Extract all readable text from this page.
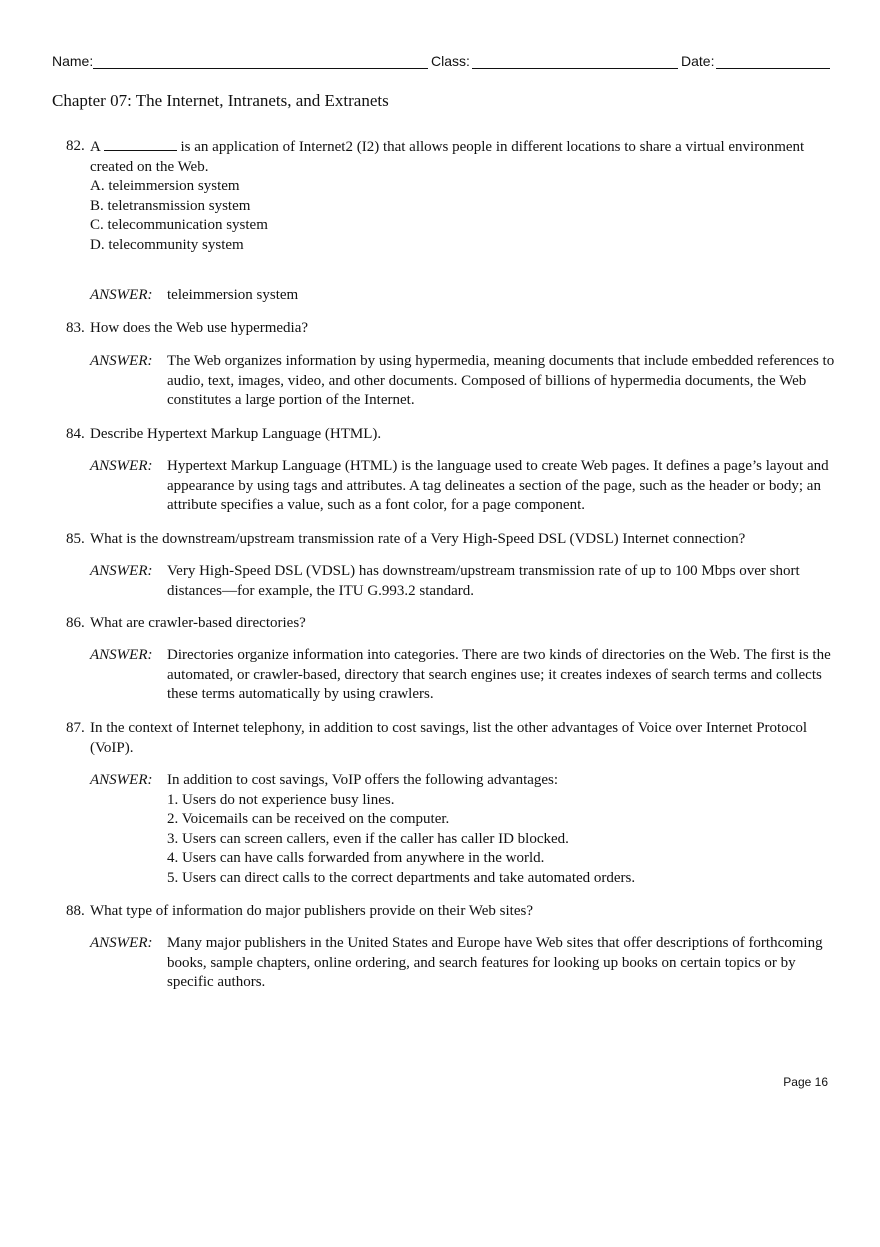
Name:	Class:	Date:
Chapter 07: The Internet, Intranets, and Extranets
82. A	is an application of Internet2 (I2) that allows people in different locations to share a virtual environment created on the Web.
A. teleimmersion system
B. teletransmission system
C. telecommunication system
D. telecommunity system
ANSWER: teleimmersion system
83. How does the Web use hypermedia?
ANSWER: The Web organizes information by using hypermedia, meaning documents that include embedded references to audio, text, images, video, and other documents. Composed of billions of hypermedia documents, the Web constitutes a large portion of the Internet.
84. Describe Hypertext Markup Language (HTML).
ANSWER: Hypertext Markup Language (HTML) is the language used to create Web pages. It defines a page’s layout and appearance by using tags and attributes. A tag delineates a section of the page, such as the header or body; an attribute specifies a value, such as a font color, for a page component.
85. What is the downstream/upstream transmission rate of a Very High-Speed DSL (VDSL) Internet connection?
ANSWER: Very High-Speed DSL (VDSL) has downstream/upstream transmission rate of up to 100 Mbps over short distances—for example, the ITU G.993.2 standard.
86. What are crawler-based directories?
ANSWER: Directories organize information into categories. There are two kinds of directories on the Web. The first is the automated, or crawler-based, directory that search engines use; it creates indexes of search terms and collects these terms automatically by using crawlers.
87. In the context of Internet telephony, in addition to cost savings, list the other advantages of Voice over Internet Protocol (VoIP).
ANSWER: In addition to cost savings, VoIP offers the following advantages:
1. Users do not experience busy lines.
2. Voicemails can be received on the computer.
3. Users can screen callers, even if the caller has caller ID blocked.
4. Users can have calls forwarded from anywhere in the world.
5. Users can direct calls to the correct departments and take automated orders.
88. What type of information do major publishers provide on their Web sites?
ANSWER: Many major publishers in the United States and Europe have Web sites that offer descriptions of forthcoming books, sample chapters, online ordering, and search features for looking up books on certain topics or by specific authors.
Page 16
